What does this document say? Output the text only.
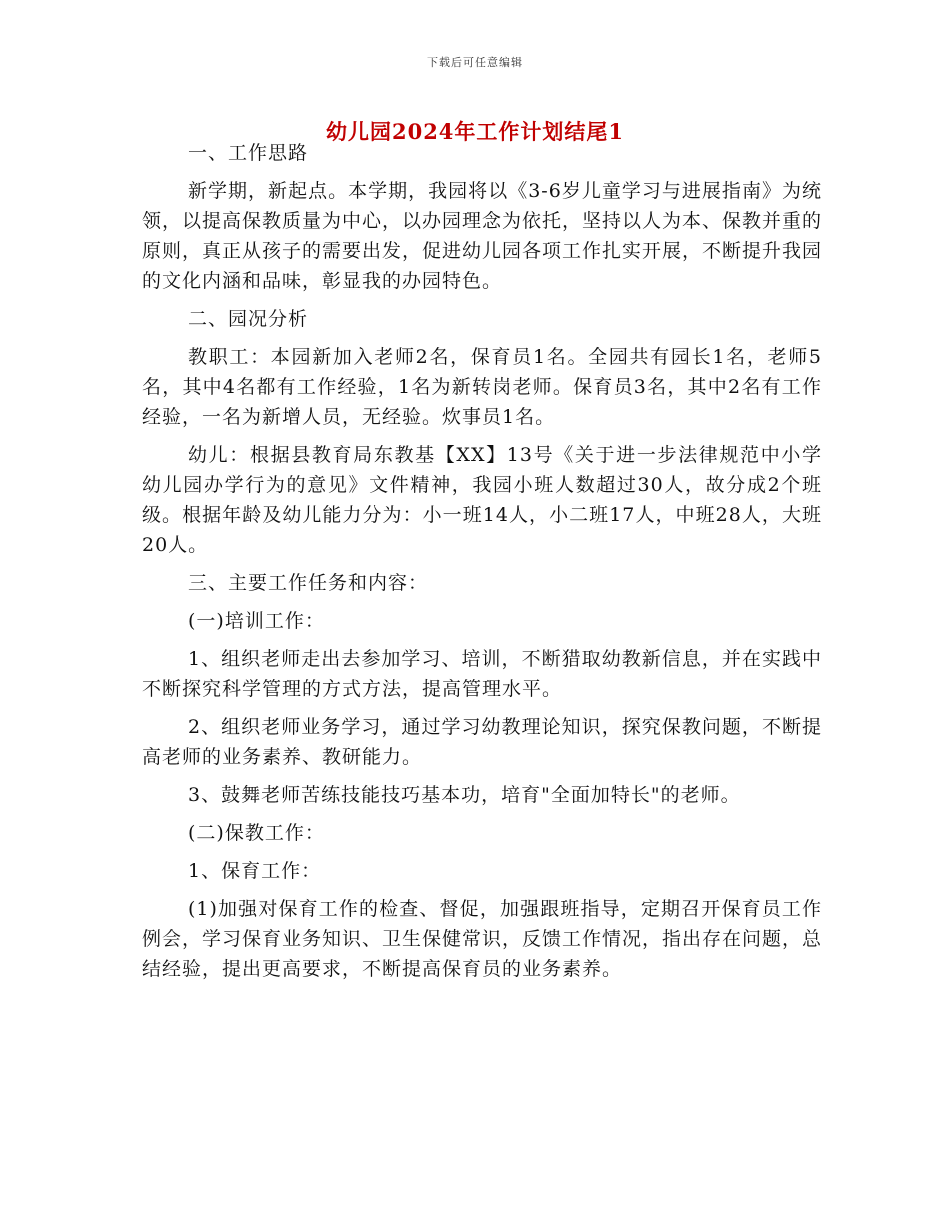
下载后可任意编辑
幼儿园2024年工作计划结尾1

一、工作思路

新学期，新起点。本学期，我园将以《3-6岁儿童学习与进展指南》为统领，以提高保教质量为中心，以办园理念为依托，坚持以人为本、保教并重的原则，真正从孩子的需要出发，促进幼儿园各项工作扎实开展，不断提升我园的文化内涵和品味，彰显我的办园特色。

二、园况分析

教职工：本园新加入老师2名，保育员1名。全园共有园长1名，老师5名，其中4名都有工作经验，1名为新转岗老师。保育员3名，其中2名有工作经验，一名为新增人员，无经验。炊事员1名。

幼儿：根据县教育局东教基【XX】13号《关于进一步法律规范中小学幼儿园办学行为的意见》文件精神，我园小班人数超过30人，故分成2个班级。根据年龄及幼儿能力分为：小一班14人，小二班17人，中班28人，大班20人。

三、主要工作任务和内容：

(一)培训工作：

1、组织老师走出去参加学习、培训，不断猎取幼教新信息，并在实践中不断探究科学管理的方式方法，提高管理水平。

2、组织老师业务学习，通过学习幼教理论知识，探究保教问题，不断提高老师的业务素养、教研能力。

3、鼓舞老师苦练技能技巧基本功，培育"全面加特长"的老师。

(二)保教工作：

1、保育工作：

(1)加强对保育工作的检查、督促，加强跟班指导，定期召开保育员工作例会，学习保育业务知识、卫生保健常识，反馈工作情况，指出存在问题，总结经验，提出更高要求，不断提高保育员的业务素养。
